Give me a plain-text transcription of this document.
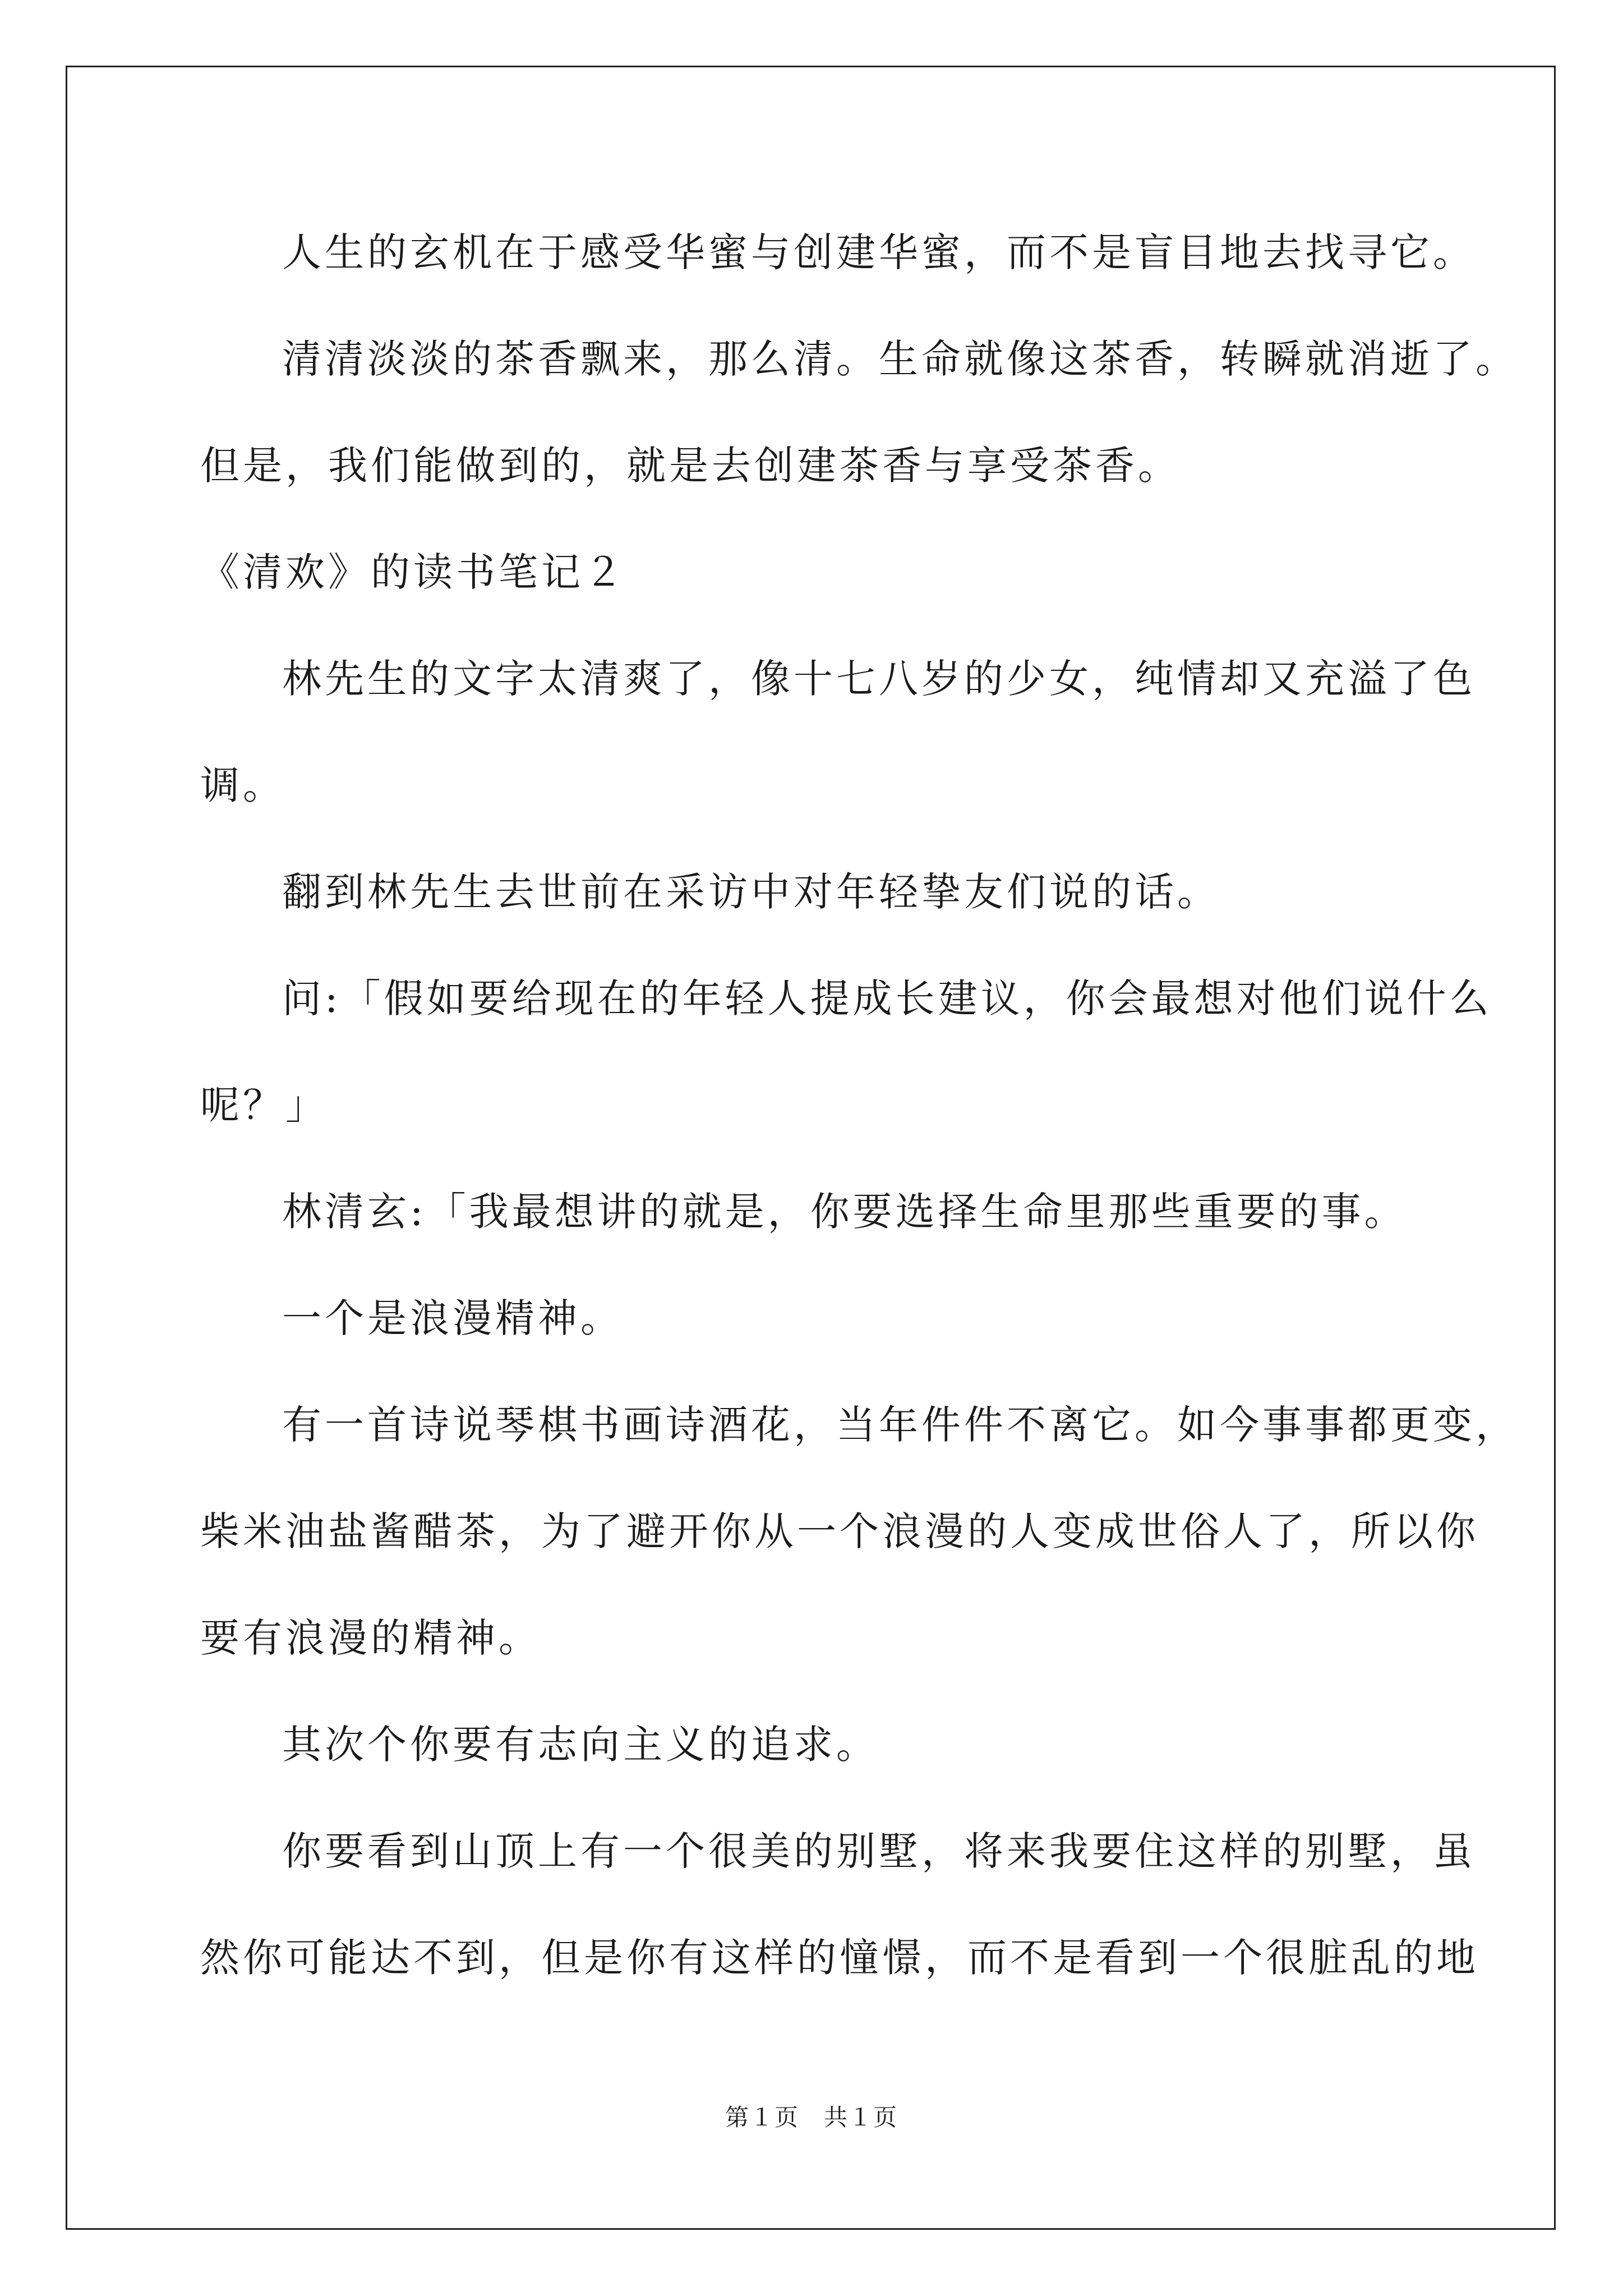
人生的玄机在于感受华蜜与创建华蜜，而不是盲目地去找寻它。
清清淡淡的茶香飘来，那么清。生命就像这茶香，转瞬就消逝了。
但是，我们能做到的，就是去创建茶香与享受茶香。
《清欢》的读书笔记２
林先生的文字太清爽了，像十七八岁的少女，纯情却又充溢了色
调。
翻到林先生去世前在采访中对年轻挚友们说的话。
问:「假如要给现在的年轻人提成长建议，你会最想对他们说什么
呢？」
林清玄:「我最想讲的就是，你要选择生命里那些重要的事。
一个是浪漫精神。
有一首诗说琴棋书画诗酒花，当年件件不离它。如今事事都更变，
柴米油盐酱醋茶，为了避开你从一个浪漫的人变成世俗人了，所以你
要有浪漫的精神。
其次个你要有志向主义的追求。
你要看到山顶上有一个很美的别墅，将来我要住这样的别墅，虽
然你可能达不到，但是你有这样的憧憬，而不是看到一个很脏乱的地
第１页　共１页
